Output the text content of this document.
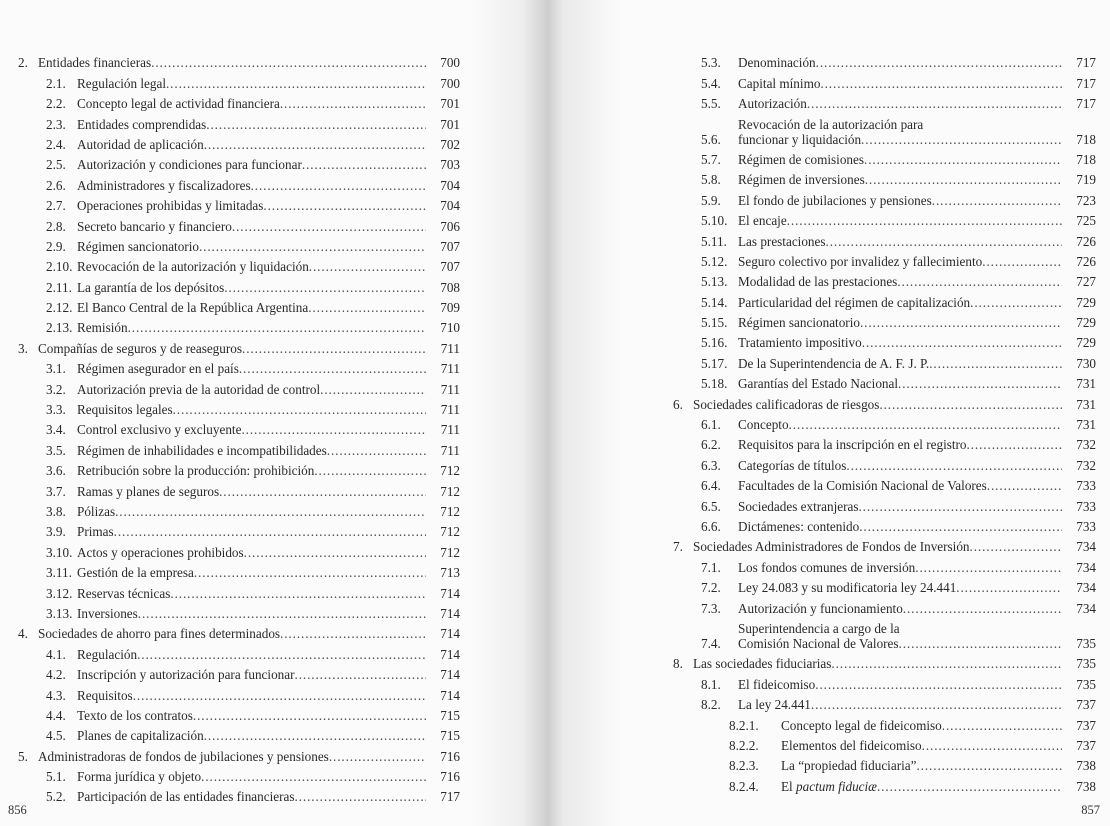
2. Entidades financieras . . .	700
2.1. Regulación legal . . .	700
2.2. Concepto legal de actividad financiera . . .	701
2.3. Entidades comprendidas . . .	701
2.4. Autoridad de aplicación . . .	702
2.5. Autorización y condiciones para funcionar . . .	703
2.6. Administradores y fiscalizadores . . .	704
2.7. Operaciones prohibidas y limitadas . . .	704
2.8. Secreto bancario y financiero . . .	706
2.9. Régimen sancionatorio . . .	707
2.10. Revocación de la autorización y liquidación . . .	707
2.11. La garantía de los depósitos . . .	708
2.12. El Banco Central de la República Argentina . . .	709
2.13. Remisión . . .	710
3. Compañías de seguros y de reaseguros . . .	711
3.1. Régimen asegurador en el país . . .	711
3.2. Autorización previa de la autoridad de control . . .	711
3.3. Requisitos legales . . .	711
3.4. Control exclusivo y excluyente . . .	711
3.5. Régimen de inhabilidades e incompatibilidades . . .	711
3.6. Retribución sobre la producción: prohibición . . .	712
3.7. Ramas y planes de seguros . . .	712
3.8. Pólizas . . .	712
3.9. Primas . . .	712
3.10. Actos y operaciones prohibidos . . .	712
3.11. Gestión de la empresa . . .	713
3.12. Reservas técnicas . . .	714
3.13. Inversiones . . .	714
4. Sociedades de ahorro para fines determinados . . .	714
4.1. Regulación . . .	714
4.2. Inscripción y autorización para funcionar . . .	714
4.3. Requisitos . . .	714
4.4. Texto de los contratos . . .	715
4.5. Planes de capitalización . . .	715
5. Administradoras de fondos de jubilaciones y pensiones . . .	716
5.1. Forma jurídica y objeto . . .	716
5.2. Participación de las entidades financieras . . .	717
856
5.3.	Denominación . . .	717
5.4.	Capital mínimo . . .	717
5.5.	Autorización . . .	717
5.6.
Revocación de la autorización para
funcionar y liquidación . . .	718
5.7.	Régimen de comisiones . . .	718
5.8.	Régimen de inversiones . . .	719
5.9.	El fondo de jubilaciones y pensiones . . .	723
5.10. El encaje . . .	725
5.11. Las prestaciones . . .	726
5.12. Seguro colectivo por invalidez y fallecimiento . . .	726
5.13. Modalidad de las prestaciones . . .	727
5.14. Particularidad del régimen de capitalización . . .	729
5.15. Régimen sancionatorio . . .	729
5.16. Tratamiento impositivo . . .	729
5.17. De la Superintendencia de A. F. J. P. . . .	730
5.18. Garantías del Estado Nacional . . .	731
6. Sociedades calificadoras de riesgos . . .	731
6.1.	Concepto . . .	731
6.2.	Requisitos para la inscripción en el registro . . .	732
6.3.	Categorías de títulos . . .	732
6.4.	Facultades de la Comisión Nacional de Valores . . .	733
6.5.	Sociedades extranjeras . . .	733
6.6.	Dictámenes: contenido . . .	733
7. Sociedades Administradores de Fondos de Inversión . . .	734
7.1.	Los fondos comunes de inversión . . .	734
7.2.	Ley 24.083 y su modificatoria ley 24.441 . . .	734
7.3.	Autorización y funcionamiento . . .	734
7.4.
Superintendencia a cargo de la
Comisión Nacional de Valores . . .	735
8. Las sociedades fiduciarias . . .	735
8.1.	El fideicomiso . . .	735
8.2.	La ley 24.441 . . .	737
8.2.1.	Concepto legal de fideicomiso . . .	737
8.2.2.	Elementos del fideicomiso . . .	737
8.2.3.	La “propiedad fiduciaria” . . .	738
8.2.4.	El
pactum fiduciæ . . .	738
857
